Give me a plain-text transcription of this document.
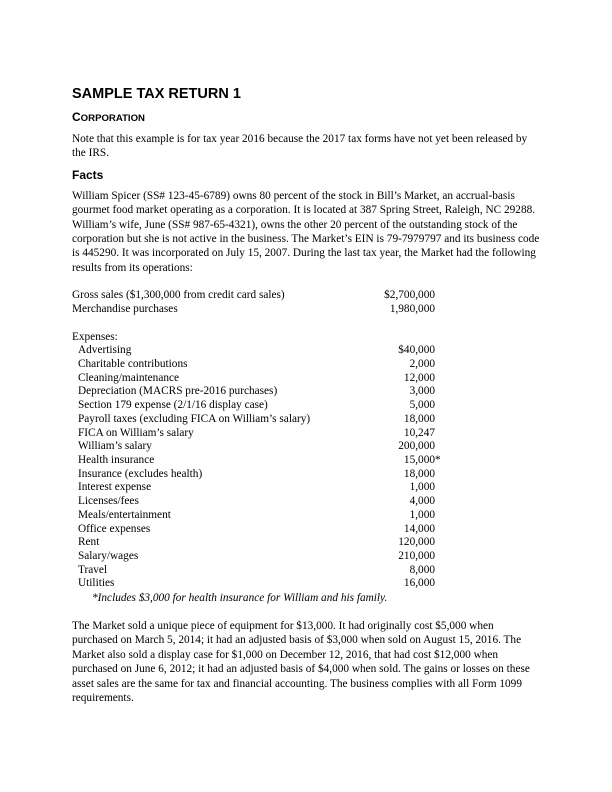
SAMPLE TAX RETURN 1
CORPORATION

Note that this example is for tax year 2016 because the 2017 tax forms have not yet been released by the IRS.

Facts

William Spicer (SS# 123-45-6789) owns 80 percent of the stock in Bill’s Market, an accrual-basis gourmet food market operating as a corporation. It is located at 387 Spring Street, Raleigh, NC 29288. William’s wife, June (SS# 987-65-4321), owns the other 20 percent of the outstanding stock of the corporation but she is not active in the business. The Market’s EIN is 79-7979797 and its business code is 445290. It was incorporated on July 15, 2007. During the last tax year, the Market had the following results from its operations:

Gross sales ($1,300,000 from credit card sales)	$2,700,000
Merchandise purchases	1,980,000
Expenses:
Advertising	$40,000
Charitable contributions	2,000
Cleaning/maintenance	12,000
Depreciation (MACRS pre-2016 purchases)	3,000
Section 179 expense (2/1/16 display case)	5,000
Payroll taxes (excluding FICA on William’s salary)	18,000
FICA on William’s salary	10,247
William’s salary	200,000
Health insurance	15,000 *
Insurance (excludes health)	18,000
Interest expense	1,000
Licenses/fees	4,000
Meals/entertainment	1,000
Office expenses	14,000
Rent	120,000
Salary/wages	210,000
Travel	8,000
Utilities	16,000
*Includes $3,000 for health insurance for William and his family.

The Market sold a unique piece of equipment for $13,000. It had originally cost $5,000 when purchased on March 5, 2014; it had an adjusted basis of $3,000 when sold on August 15, 2016. The Market also sold a display case for $1,000 on December 12, 2016, that had cost $12,000 when purchased on June 6, 2012; it had an adjusted basis of $4,000 when sold. The gains or losses on these asset sales are the same for tax and financial accounting. The business complies with all Form 1099 requirements.
